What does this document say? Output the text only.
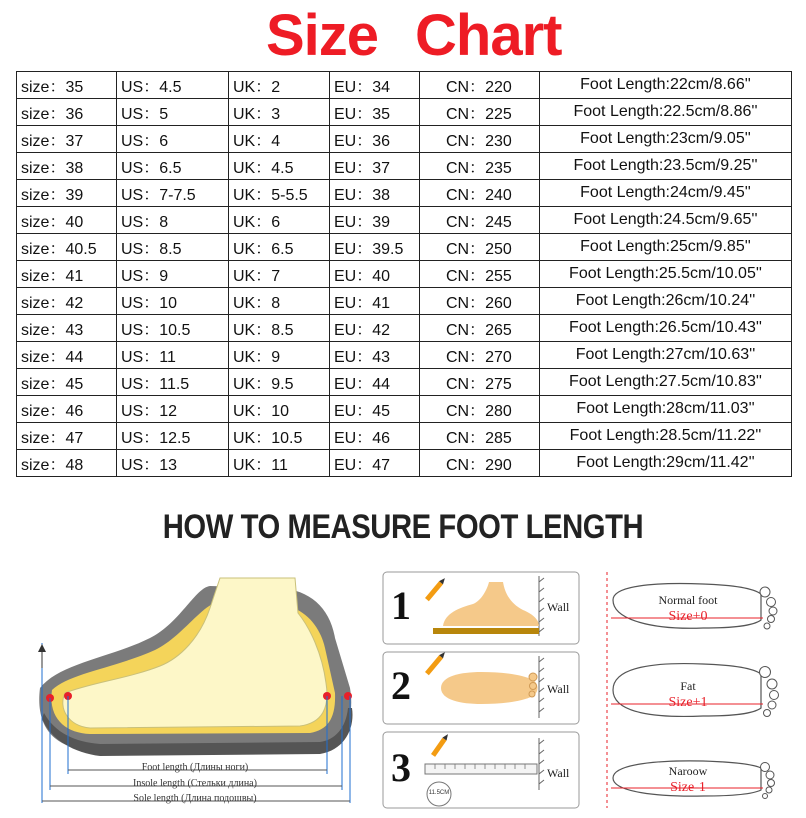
Size Chart
size：35	US：4.5	UK：2	EU：34	CN：220	Foot Length:22cm/8.66''
size：36	US：5	UK：3	EU：35	CN：225	Foot Length:22.5cm/8.86''
size：37	US：6	UK：4	EU：36	CN：230	Foot Length:23cm/9.05''
size：38	US：6.5	UK：4.5	EU：37	CN：235	Foot Length:23.5cm/9.25''
size：39	US：7-7.5	UK：5-5.5	EU：38	CN：240	Foot Length:24cm/9.45''
size：40	US：8	UK：6	EU：39	CN：245	Foot Length:24.5cm/9.65''
size：40.5	US：8.5	UK：6.5	EU：39.5	CN：250	Foot Length:25cm/9.85''
size：41	US：9	UK：7	EU：40	CN：255	Foot Length:25.5cm/10.05''
size：42	US：10	UK：8	EU：41	CN：260	Foot Length:26cm/10.24''
size：43	US：10.5	UK：8.5	EU：42	CN：265	Foot Length:26.5cm/10.43''
size：44	US：11	UK：9	EU：43	CN：270	Foot Length:27cm/10.63''
size：45	US：11.5	UK：9.5	EU：44	CN：275	Foot Length:27.5cm/10.83''
size：46	US：12	UK：10	EU：45	CN：280	Foot Length:28cm/11.03''
size：47	US：12.5	UK：10.5	EU：46	CN：285	Foot Length:28.5cm/11.22''
size：48	US：13	UK：11	EU：47	CN：290	Foot Length:29cm/11.42''
HOW TO MEASURE FOOT LENGTH
Foot length (Длины ноги)
Insole length (Стельки длина)
Sole length (Длина подошвы)
1
2
3
Wall
Wall
Wall
11.5CM
Normal foot
Size+0
Fat
Size+1
Naroow
Size-1
